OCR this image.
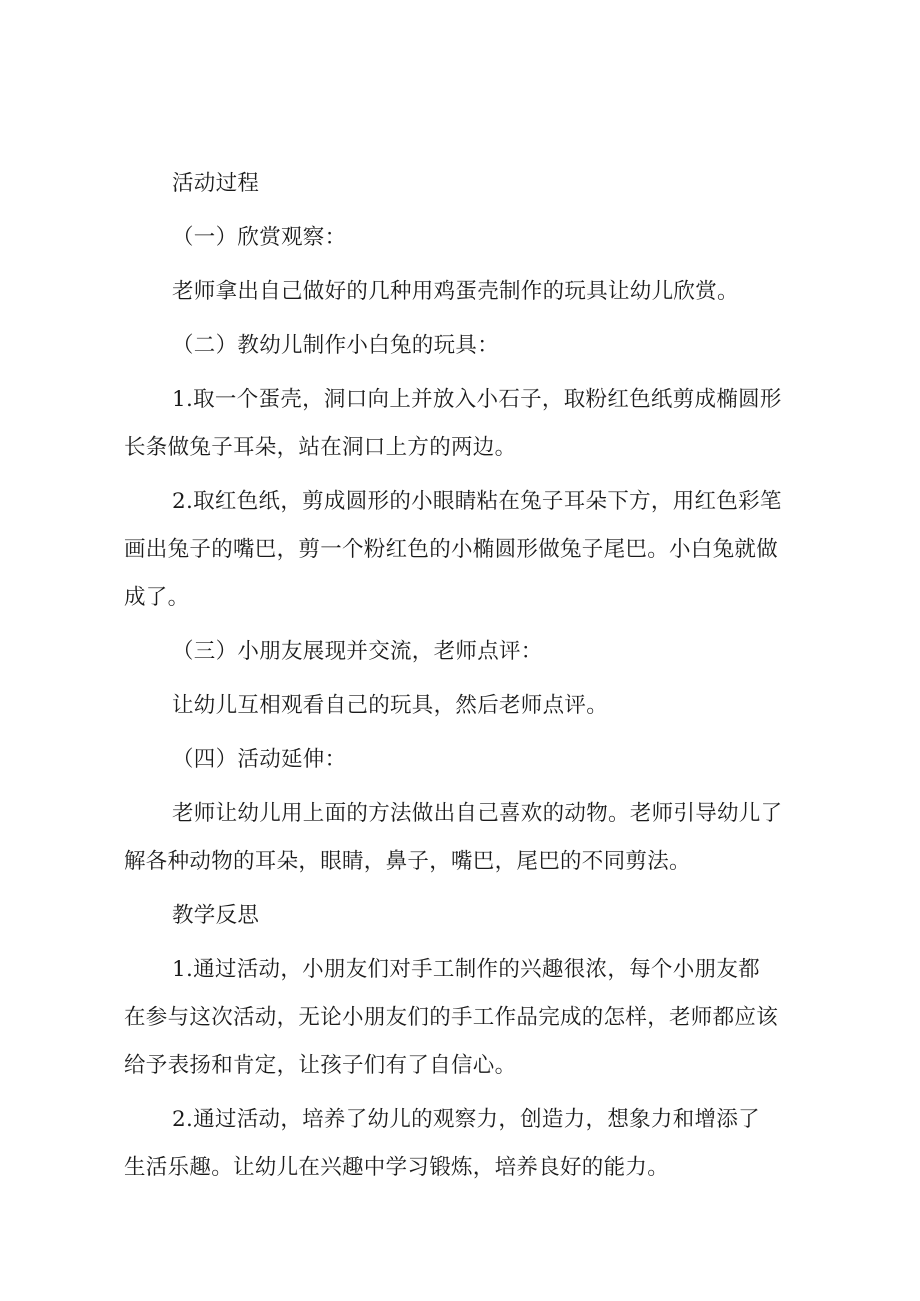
活动过程

（一）欣赏观察：

老师拿出自己做好的几种用鸡蛋壳制作的玩具让幼儿欣赏。

（二）教幼儿制作小白兔的玩具：

1.取一个蛋壳，洞口向上并放入小石子，取粉红色纸剪成椭圆形

长条做兔子耳朵，站在洞口上方的两边。

2.取红色纸，剪成圆形的小眼睛粘在兔子耳朵下方，用红色彩笔

画出兔子的嘴巴，剪一个粉红色的小椭圆形做兔子尾巴。小白兔就做

成了。

（三）小朋友展现并交流，老师点评：

让幼儿互相观看自己的玩具，然后老师点评。

（四）活动延伸：

老师让幼儿用上面的方法做出自己喜欢的动物。老师引导幼儿了

解各种动物的耳朵，眼睛，鼻子，嘴巴，尾巴的不同剪法。

教学反思

1.通过活动，小朋友们对手工制作的兴趣很浓，每个小朋友都

在参与这次活动，无论小朋友们的手工作品完成的怎样，老师都应该

给予表扬和肯定，让孩子们有了自信心。

2.通过活动，培养了幼儿的观察力，创造力，想象力和增添了

生活乐趣。让幼儿在兴趣中学习锻炼，培养良好的能力。
